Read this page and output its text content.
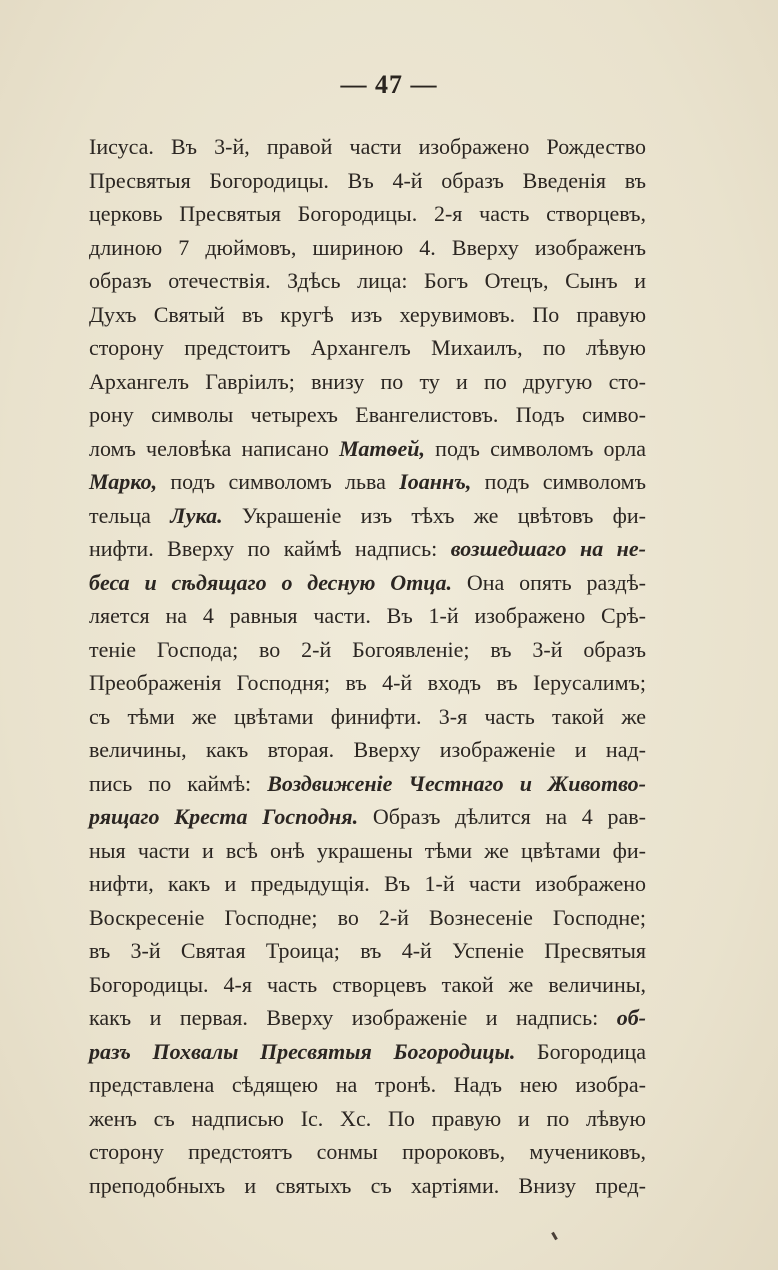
— 47 —
Іисуса. Въ 3-й, правой части изображено Рождество
Пресвятыя Богородицы. Въ 4-й образъ Введенія въ
церковь Пресвятыя Богородицы. 2-я часть створцевъ,
длиною 7 дюймовъ, шириною 4. Вверху изображенъ
образъ отечествія. Здѣсь лица: Богъ Отецъ, Сынъ и
Духъ Святый въ кругѣ изъ херувимовъ. По правую
сторону предстоитъ Архангелъ Михаилъ, по лѣвую
Архангелъ Гавріилъ; внизу по ту и по другую сто-
рону символы четырехъ Евангелистовъ. Подъ симво-
ломъ человѣка написано Матѳей, подъ символомъ орла
Марко, подъ символомъ льва Іоаннъ, подъ символомъ
тельца Лука. Украшеніе изъ тѣхъ же цвѣтовъ фи-
нифти. Вверху по каймѣ надпись: возшедшаго на не-
беса и сѣдящаго о десную Отца. Она опять раздѣ-
ляется на 4 равныя части. Въ 1-й изображено Срѣ-
теніе Господа; во 2-й Богоявленіе; въ 3-й образъ
Преображенія Господня; въ 4-й входъ въ Іерусалимъ;
съ тѣми же цвѣтами финифти. 3-я часть такой же
величины, какъ вторая. Вверху изображеніе и над-
пись по каймѣ: Воздвиженіе Честнаго и Животво-
рящаго Креста Господня. Образъ дѣлится на 4 рав-
ныя части и всѣ онѣ украшены тѣми же цвѣтами фи-
нифти, какъ и предыдущія. Въ 1-й части изображено
Воскресеніе Господне; во 2-й Вознесеніе Господне;
въ 3-й Святая Троица; въ 4-й Успеніе Пресвятыя
Богородицы. 4-я часть створцевъ такой же величины,
какъ и первая. Вверху изображеніе и надпись: об-
разъ Похвалы Пресвятыя Богородицы. Богородица
представлена сѣдящею на тронѣ. Надъ нею изобра-
женъ съ надписью Іс. Хс. По правую и по лѣвую
сторону предстоятъ сонмы пророковъ, мучениковъ,
преподобныхъ и святыхъ съ хартіями. Внизу пред-
